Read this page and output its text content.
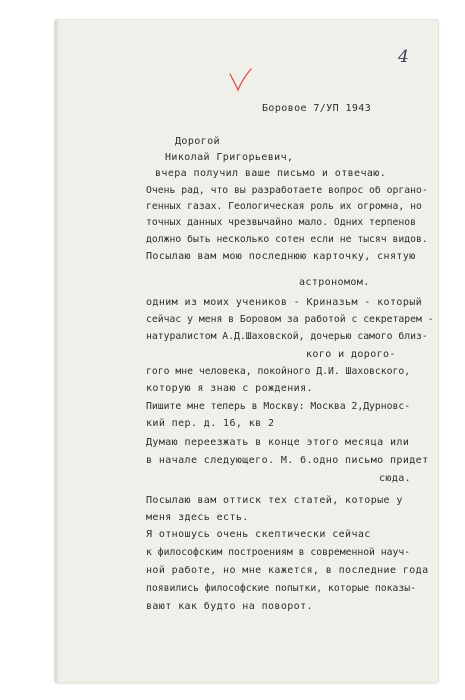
4
Боровое 7/УП 1943
Дорогой
Николай Григорьевич,
вчера получил ваше письмо и отвечаю.
Очень рад, что вы разработаете вопрос об органо-
генных газах. Геологическая роль их огромна, но
точных данных чрезвычайно мало. Одних терпенов
должно быть несколько сотен если не тысяч видов.
Посылаю вам мою последнюю карточку, снятую
астрономом.
одним из моих учеников - Криназьм - который
сейчас у меня в Боровом за работой с секретарем -
натуралистом А.Д.Шаховской, дочерью самого близ-
кого и дорого-
гого мне человека, покойного Д.И. Шаховского,
которую я знаю с рождения.
Пишите мне теперь в Москву: Москва 2,Дурновс-
кий пер. д. 16, кв 2
Думаю переезжать в конце этого месяца или
в начале следующего. М. б.одно письмо придет
сюда.
Посылаю вам оттиск тех статей, которые у
меня здесь есть.
Я отношусь очень скептически сейчас
к философским построениям в современной науч-
ной работе, но мне кажется, в последние года
появились философские попытки, которые показы-
вают как будто на поворот.
